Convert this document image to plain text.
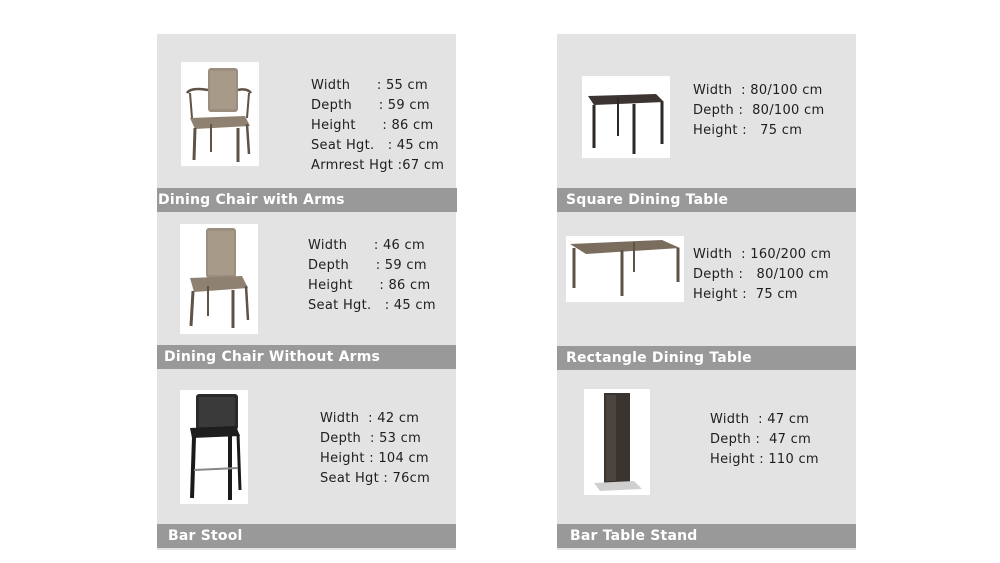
Width      : 55 cm
Depth      : 59 cm
Height      : 86 cm
Seat Hgt.   : 45 cm
Armrest Hgt :67 cm
Dining Chair with Arms
Width      : 46 cm
Depth      : 59 cm
Height      : 86 cm
Seat Hgt.   : 45 cm
Dining Chair Without Arms
Width  : 42 cm
Depth  : 53 cm
Height : 104 cm
Seat Hgt : 76cm
Bar Stool
Width  : 80/100 cm
Depth :  80/100 cm
Height :   75 cm
Square Dining Table
Width  : 160/200 cm
Depth :   80/100 cm
Height :  75 cm
Rectangle Dining Table
Width  : 47 cm
Depth :  47 cm
Height : 110 cm
Bar Table Stand
